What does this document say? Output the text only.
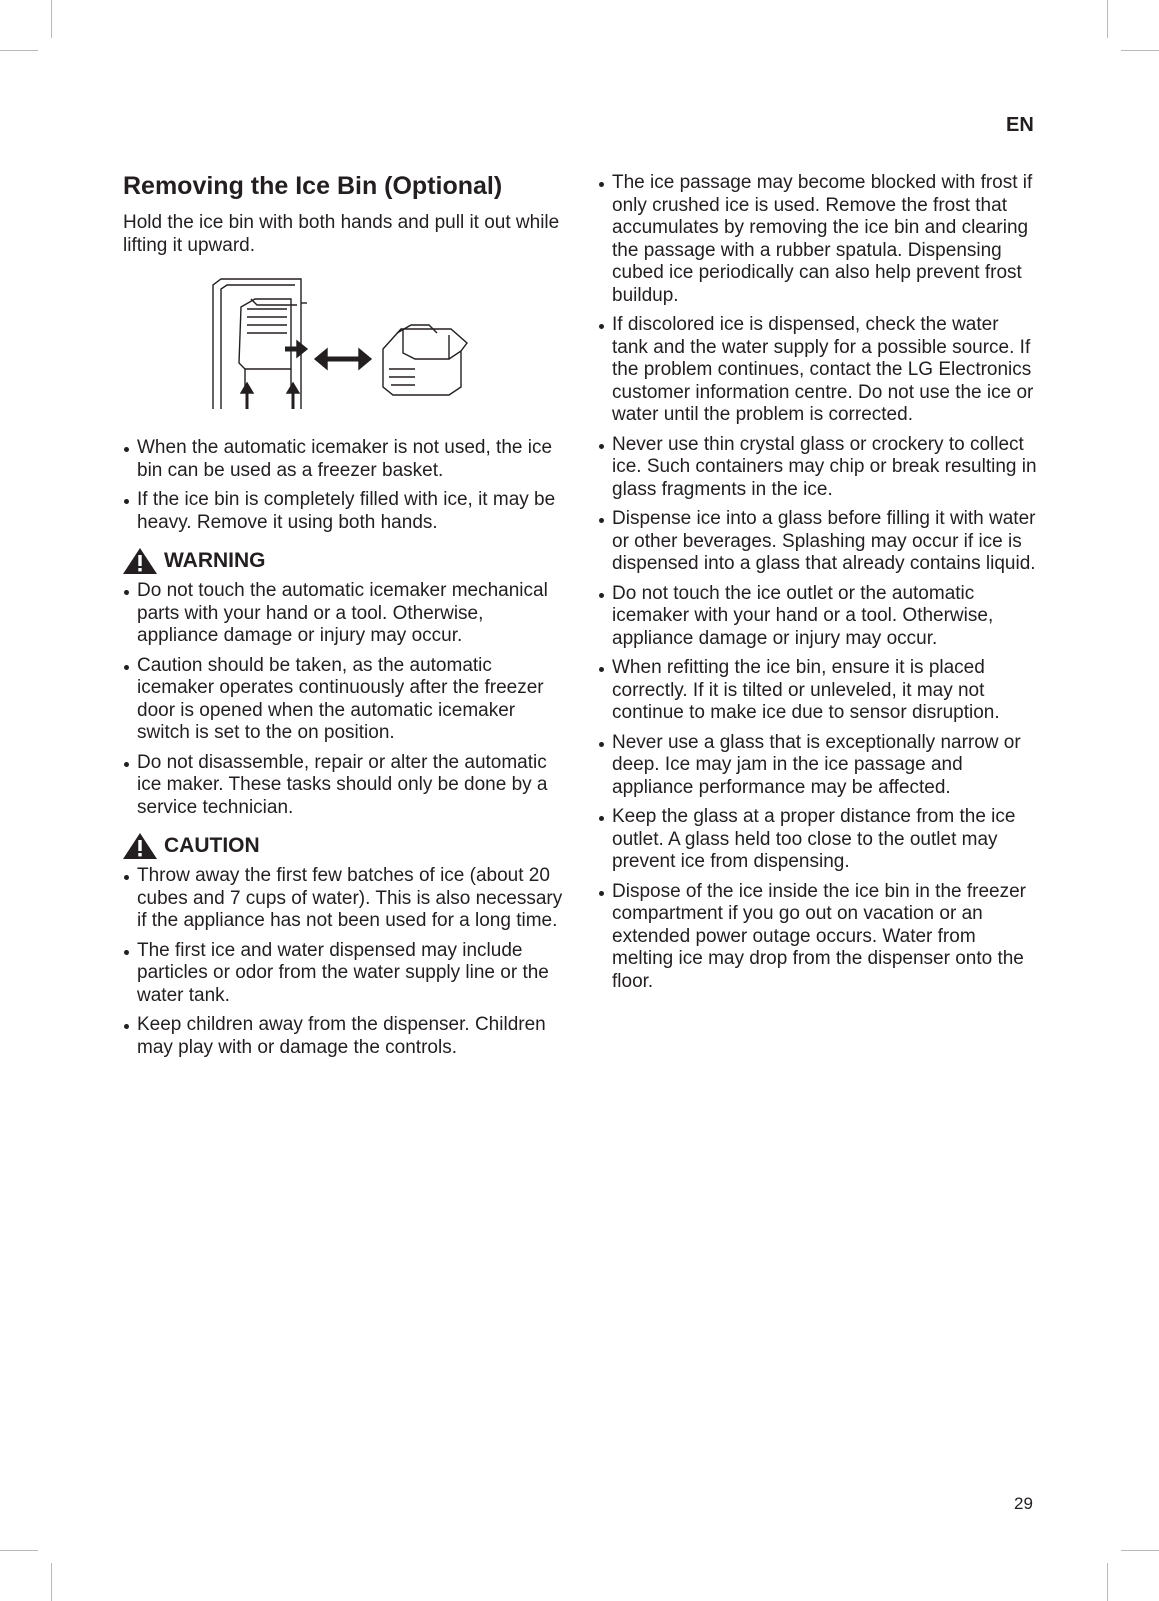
EN
Removing the Ice Bin (Optional)

Hold the ice bin with both hands and pull it out while lifting it upward.

When the automatic icemaker is not used, the ice bin can be used as a freezer basket.
If the ice bin is completely filled with ice, it may be heavy. Remove it using both hands.
WARNING
Do not touch the automatic icemaker mechanical parts with your hand or a tool. Otherwise, appliance damage or injury may occur.
Caution should be taken, as the automatic icemaker operates continuously after the freezer door is opened when the automatic icemaker switch is set to the on position.
Do not disassemble, repair or alter the automatic ice maker. These tasks should only be done by a service technician.
CAUTION
Throw away the first few batches of ice (about 20 cubes and 7 cups of water). This is also necessary if the appliance has not been used for a long time.
The first ice and water dispensed may include particles or odor from the water supply line or the water tank.
Keep children away from the dispenser. Children may play with or damage the controls.
The ice passage may become blocked with frost if only crushed ice is used. Remove the frost that accumulates by removing the ice bin and clearing the passage with a rubber spatula. Dispensing cubed ice periodically can also help prevent frost buildup.
If discolored ice is dispensed, check the water tank and the water supply for a possible source. If the problem continues, contact the LG Electronics customer information centre. Do not use the ice or water until the problem is corrected.
Never use thin crystal glass or crockery to collect ice. Such containers may chip or break resulting in glass fragments in the ice.
Dispense ice into a glass before filling it with water or other beverages. Splashing may occur if ice is dispensed into a glass that already contains liquid.
Do not touch the ice outlet or the automatic icemaker with your hand or a tool. Otherwise, appliance damage or injury may occur.
When refitting the ice bin, ensure it is placed correctly. If it is tilted or unleveled, it may not continue to make ice due to sensor disruption.
Never use a glass that is exceptionally narrow or deep. Ice may jam in the ice passage and appliance performance may be affected.
Keep the glass at a proper distance from the ice outlet. A glass held too close to the outlet may prevent ice from dispensing.
Dispose of the ice inside the ice bin in the freezer compartment if you go out on vacation or an extended power outage occurs. Water from melting ice may drop from the dispenser onto the floor.
29
